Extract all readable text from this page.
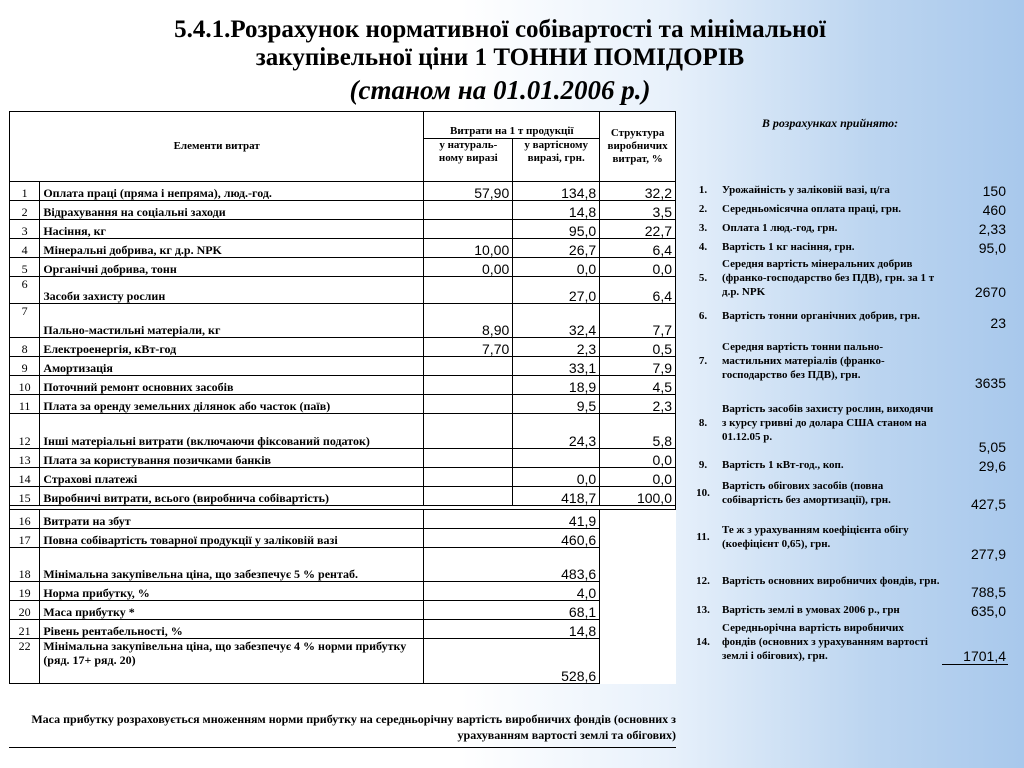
5.4.1.Розрахунок нормативної собівартості та мінімальної
закупівельної ціни 1 ТОННИ ПОМІДОРІВ
(станом на 01.01.2006 р.)
Елементи витрат		Витрати на 1 т продукції		Структура виробничих витрат, %
		у натураль-ному виразі	у вартісному виразі, грн.	
1	Оплата праці (пряма і непряма), люд.-год.	57,90	134,8	32,2
2	Відрахування на соціальні заходи		14,8	3,5
3	Насіння, кг		95,0	22,7
4	Мінеральні добрива, кг д.р. NPK	10,00	26,7	6,4
5	Органічні добрива, тонн	0,00	0,0	0,0
6	Засоби захисту рослин		27,0	6,4
7	Пально-мастильні матеріали, кг	8,90	32,4	7,7
8	Електроенергія, кВт-год	7,70	2,3	0,5
9	Амортизація		33,1	7,9
10	Поточний ремонт основних засобів		18,9	4,5
11	Плата за оренду земельних ділянок або часток (паїв)		9,5	2,3
12	Інші матеріальні витрати (включаючи фіксований податок)		24,3	5,8
13	Плата за користування позичками банків			0,0
14	Страхові платежі		0,0	0,0
15	Виробничі витрати, всього (виробнича собівартість)		418,7	100,0

16	Витрати на збут	41,9		
17	Повна собівартість товарної продукції у заліковій вазі	460,6		
18	Мінімальна закупівельна ціна, що забезпечує 5 % рентаб.	483,6		
19	Норма прибутку, %	4,0		
20	Маса прибутку *	68,1		
21	Рівень рентабельності, %	14,8		
22	Мінімальна закупівельна ціна, що забезпечує 4 % норми прибутку (ряд. 17+ ряд. 20)	528,6		
Маса прибутку розраховується множенням норми прибутку на середньорічну вартість виробничих фондів (основних з урахуванням вартості землі та обігових)
В розрахунках прийнято:
1.	Урожайність у заліковій вазі, ц/га	150
2.	Середньомісячна оплата праці, грн.	460
3.	Оплата 1 люд.-год, грн.	2,33
4.	Вартість 1 кг насіння, грн.	95,0
5.	Середня вартість мінеральних добрив (франко-господарство без ПДВ), грн. за 1 т д.р. NPK	2670
6.	Вартість тонни органічних добрив, грн.	23
7.	Середня вартість тонни пально-мастильних матеріалів (франко-господарство без ПДВ), грн.	3635
8.	Вартість засобів захисту рослин, виходячи з курсу гривні до долара США станом на 01.12.05 р.	5,05
9.	Вартість 1 кВт-год., коп.	29,6
10.	Вартість обігових засобів (повна собівартість без амортизації), грн.	427,5
11.	Те ж з урахуванням коефіцієнта обігу (коефіцієнт 0,65), грн.	277,9
12.	Вартість основних виробничих фондів, грн.	788,5
13.	Вартість землі в умовах 2006 р., грн	635,0
14.	Середньорічна вартість виробничих фондів (основних з урахуванням вартості землі і обігових), грн.	1701,4
